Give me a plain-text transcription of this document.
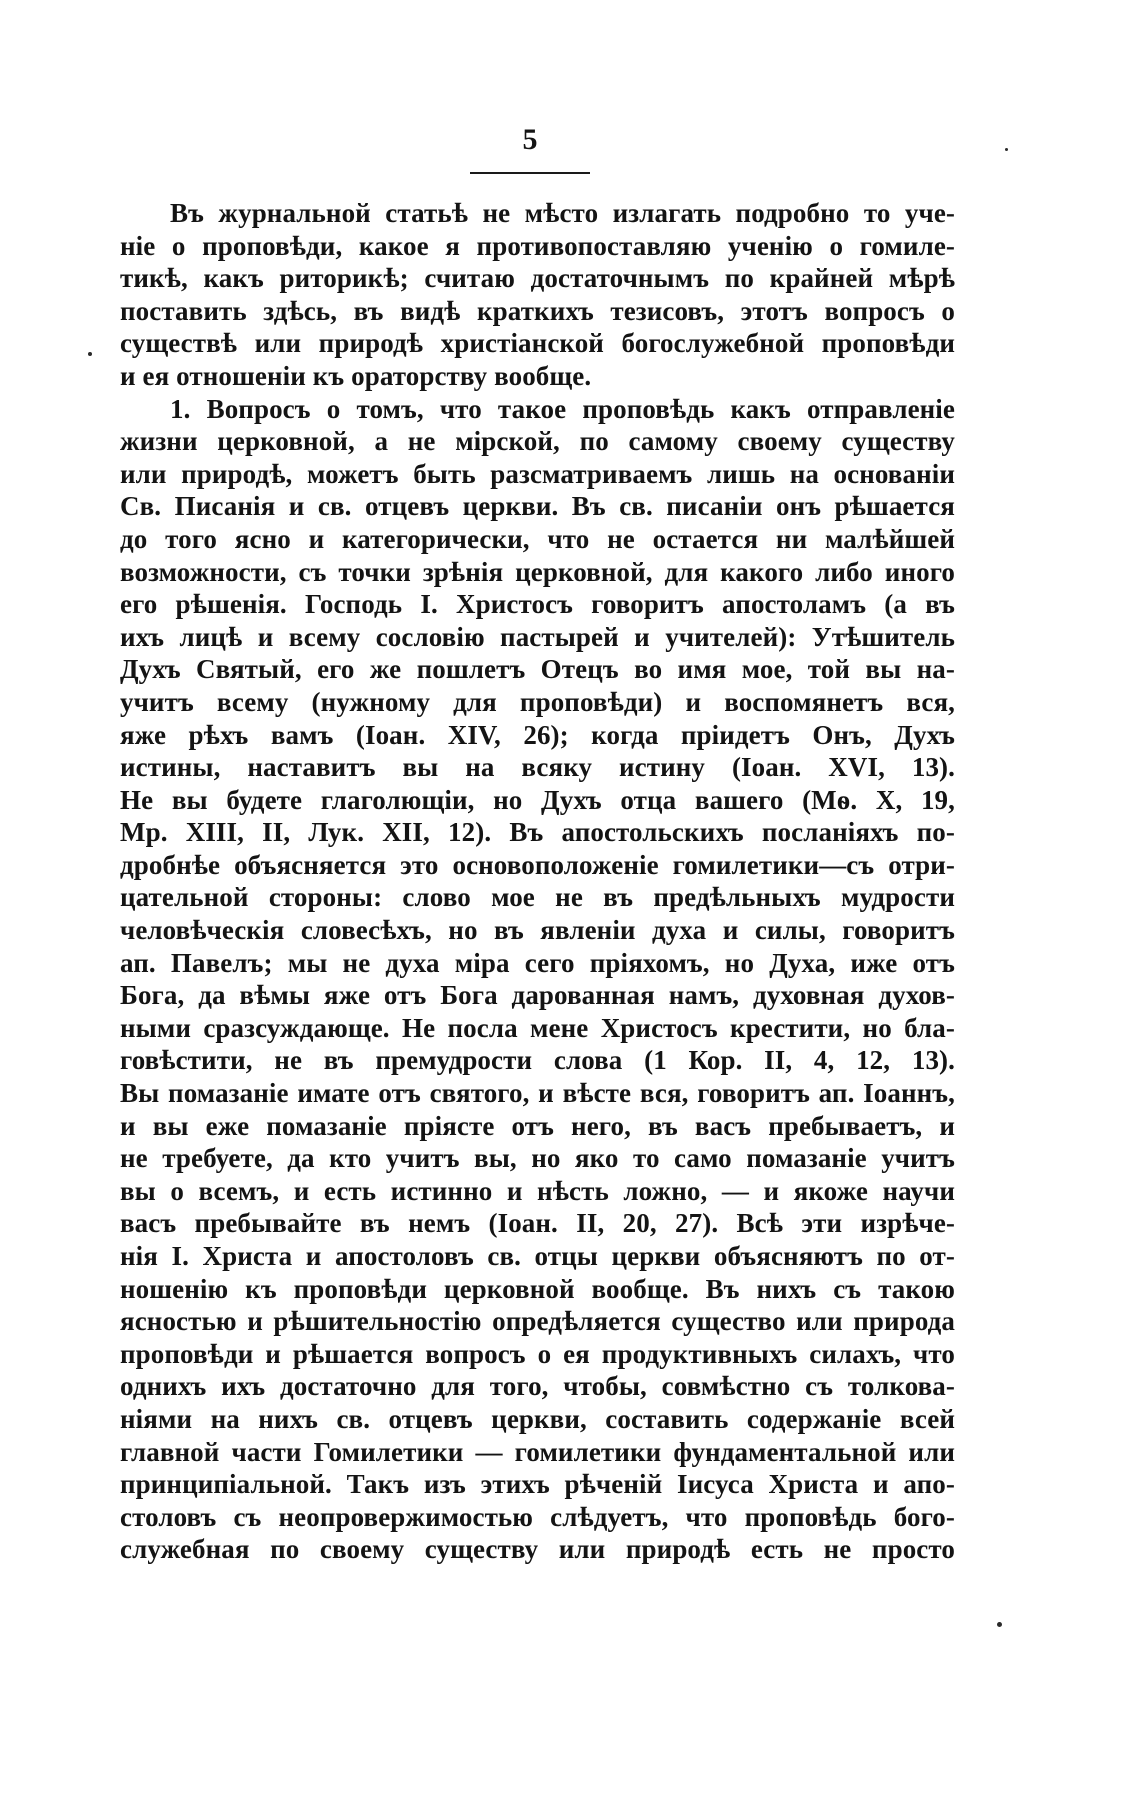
5
Въ журнальной статьѣ не мѣсто излагать подробно то уче-
ніе о проповѣди, какое я противопоставляю ученію о гомиле-
тикѣ, какъ риторикѣ; считаю достаточнымъ по крайней мѣрѣ
поставить здѣсь, въ видѣ краткихъ тезисовъ, этотъ вопросъ о
существѣ или природѣ христіанской богослужебной проповѣди
и ея отношеніи къ ораторству вообще.
1. Вопросъ о томъ, что такое проповѣдь какъ отправленіе
жизни церковной, а не мірской, по самому своему существу
или природѣ, можетъ быть разсматриваемъ лишь на основаніи
Св. Писанія и св. отцевъ церкви. Въ св. писаніи онъ рѣшается
до того ясно и категорически, что не остается ни малѣйшей
возможности, съ точки зрѣнія церковной, для какого либо иного
его рѣшенія. Господь І. Христосъ говоритъ апостоламъ (а въ
ихъ лицѣ и всему сословію пастырей и учителей): Утѣшитель
Духъ Святый, его же пошлетъ Отецъ во имя мое, той вы на-
учитъ всему (нужному для проповѣди) и воспомянетъ вся,
яже рѣхъ вамъ (Іоан. XIV, 26); когда пріидетъ Онъ, Духъ
истины, наставитъ вы на всяку истину (Іоан. XVI, 13).
Не вы будете глаголющіи, но Духъ отца вашего (Мѳ. X, 19,
Мр. XIII, II, Лук. XII, 12). Въ апостольскихъ посланіяхъ по-
дробнѣе объясняется это основоположеніе гомилетики—съ отри-
цательной стороны: слово мое не въ предѣльныхъ мудрости
человѣческія словесѣхъ, но въ явленіи духа и силы, говоритъ
ап. Павелъ; мы не духа міра сего пріяхомъ, но Духа, иже отъ
Бога, да вѣмы яже отъ Бога дарованная намъ, духовная духов-
ными сразсуждающе. Не посла мене Христосъ крестити, но бла-
говѣстити, не въ премудрости слова (1 Кор. II, 4, 12, 13).
Вы помазаніе имате отъ святого, и вѣсте вся, говоритъ ап. Іоаннъ,
и вы еже помазаніе пріясте отъ него, въ васъ пребываетъ, и
не требуете, да кто учитъ вы, но яко то само помазаніе учитъ
вы о всемъ, и есть истинно и нѣсть ложно, — и якоже научи
васъ пребывайте въ немъ (Іоан. II, 20, 27). Всѣ эти изрѣче-
нія І. Христа и апостоловъ св. отцы церкви объясняютъ по от-
ношенію къ проповѣди церковной вообще. Въ нихъ съ такою
ясностью и рѣшительностію опредѣляется существо или природа
проповѣди и рѣшается вопросъ о ея продуктивныхъ силахъ, что
однихъ ихъ достаточно для того, чтобы, совмѣстно съ толкова-
ніями на нихъ св. отцевъ церкви, составить содержаніе всей
главной части Гомилетики — гомилетики фундаментальной или
принципіальной. Такъ изъ этихъ рѣченій Іисуса Христа и апо-
столовъ съ неопровержимостью слѣдуетъ, что проповѣдь бого-
служебная по своему существу или природѣ есть не просто
